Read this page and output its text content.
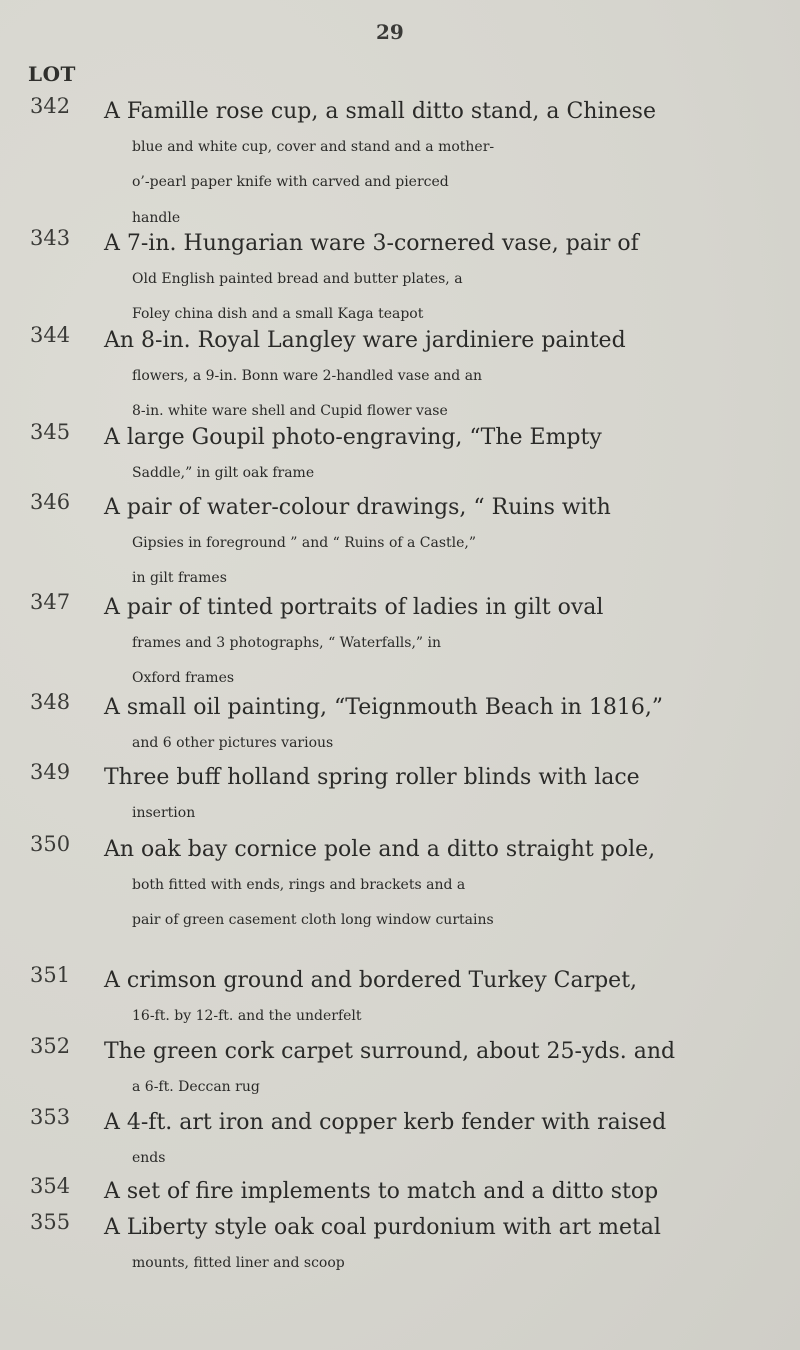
29
LOT
342 A Famille rose cup, a small ditto stand, a Chinese
blue and white cup, cover and stand and a mother-
o’-pearl paper knife with carved and pierced
handle
343 A 7-in. Hungarian ware 3-cornered vase, pair of
Old English painted bread and butter plates, a
Foley china dish and a small Kaga teapot
344 An 8-in. Royal Langley ware jardiniere painted
flowers, a 9-in. Bonn ware 2-handled vase and an
8-in. white ware shell and Cupid flower vase
345 A large Goupil photo-engraving, “The Empty
Saddle,” in gilt oak frame
346 A pair of water-colour drawings, “ Ruins with
Gipsies in foreground ” and “ Ruins of a Castle,”
in gilt frames
347 A pair of tinted portraits of ladies in gilt oval
frames and 3 photographs, “ Waterfalls,” in
Oxford frames
348 A small oil painting, “Teignmouth Beach in 1816,”
and 6 other pictures various
349 Three buff holland spring roller blinds with lace
insertion
350 An oak bay cornice pole and a ditto straight pole,
both fitted with ends, rings and brackets and a
pair of green casement cloth long window curtains
351 A crimson ground and bordered Turkey Carpet,
16-ft. by 12-ft. and the underfelt
352 The green cork carpet surround, about 25-yds. and
a 6-ft. Deccan rug
353 A 4-ft. art iron and copper kerb fender with raised
ends
354 A set of fire implements to match and a ditto stop
355 A Liberty style oak coal purdonium with art metal
mounts, fitted liner and scoop
